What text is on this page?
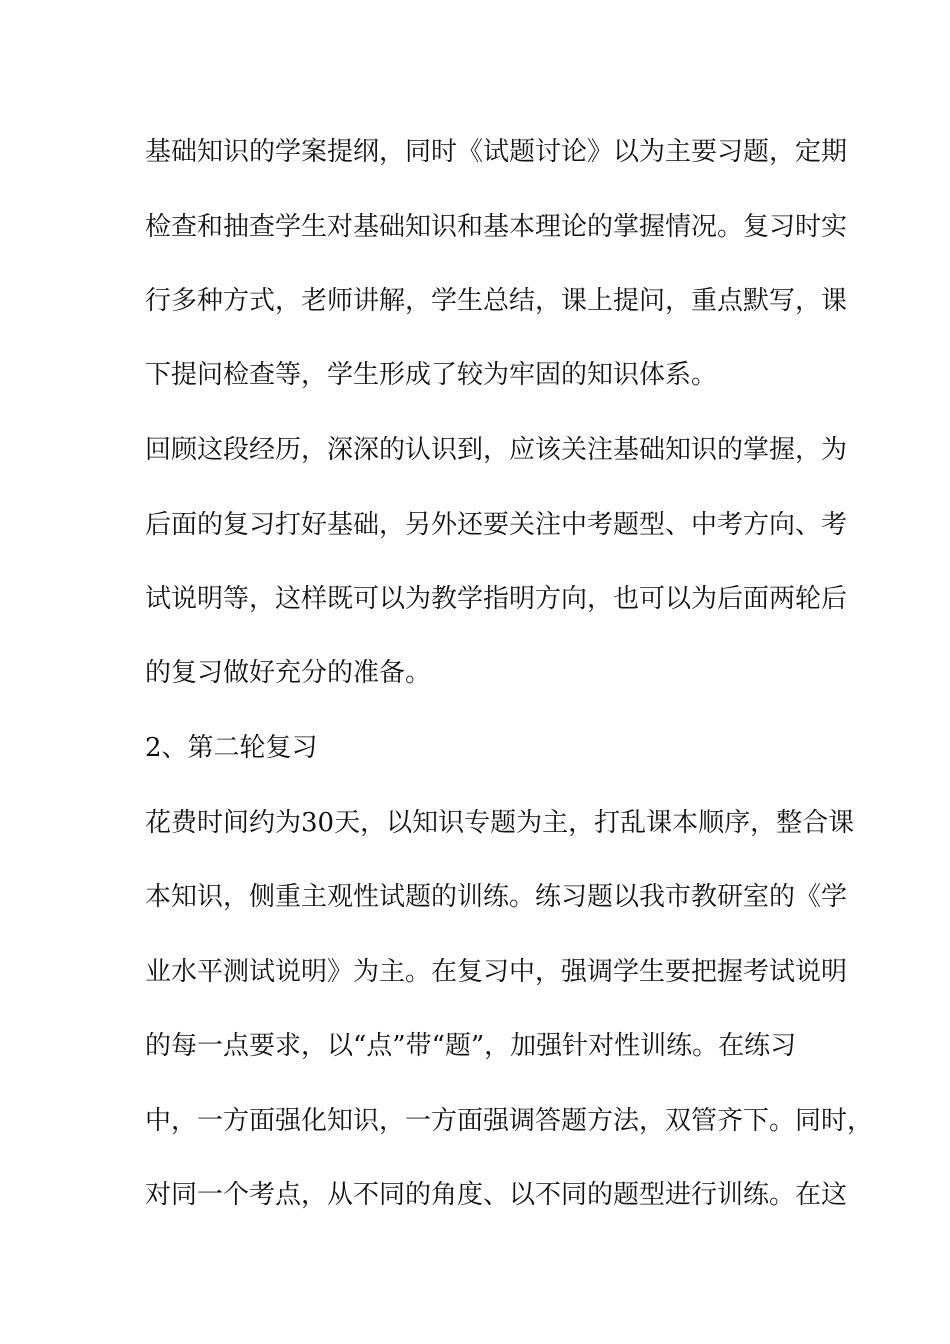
基础知识的学案提纲，同时《试题讨论》以为主要习题，定期

检查和抽查学生对基础知识和基本理论的掌握情况。复习时实

行多种方式，老师讲解，学生总结，课上提问，重点默写，课

下提问检查等，学生形成了较为牢固的知识体系。

回顾这段经历，深深的认识到，应该关注基础知识的掌握，为

后面的复习打好基础，另外还要关注中考题型、中考方向、考

试说明等，这样既可以为教学指明方向，也可以为后面两轮后

的复习做好充分的准备。

2、第二轮复习

花费时间约为30天，以知识专题为主，打乱课本顺序，整合课

本知识，侧重主观性试题的训练。练习题以我市教研室的《学

业水平测试说明》为主。在复习中，强调学生要把握考试说明

的每一点要求，以“点”带“题”，加强针对性训练。在练习

中，一方面强化知识，一方面强调答题方法，双管齐下。同时，

对同一个考点，从不同的角度、以不同的题型进行训练。在这
